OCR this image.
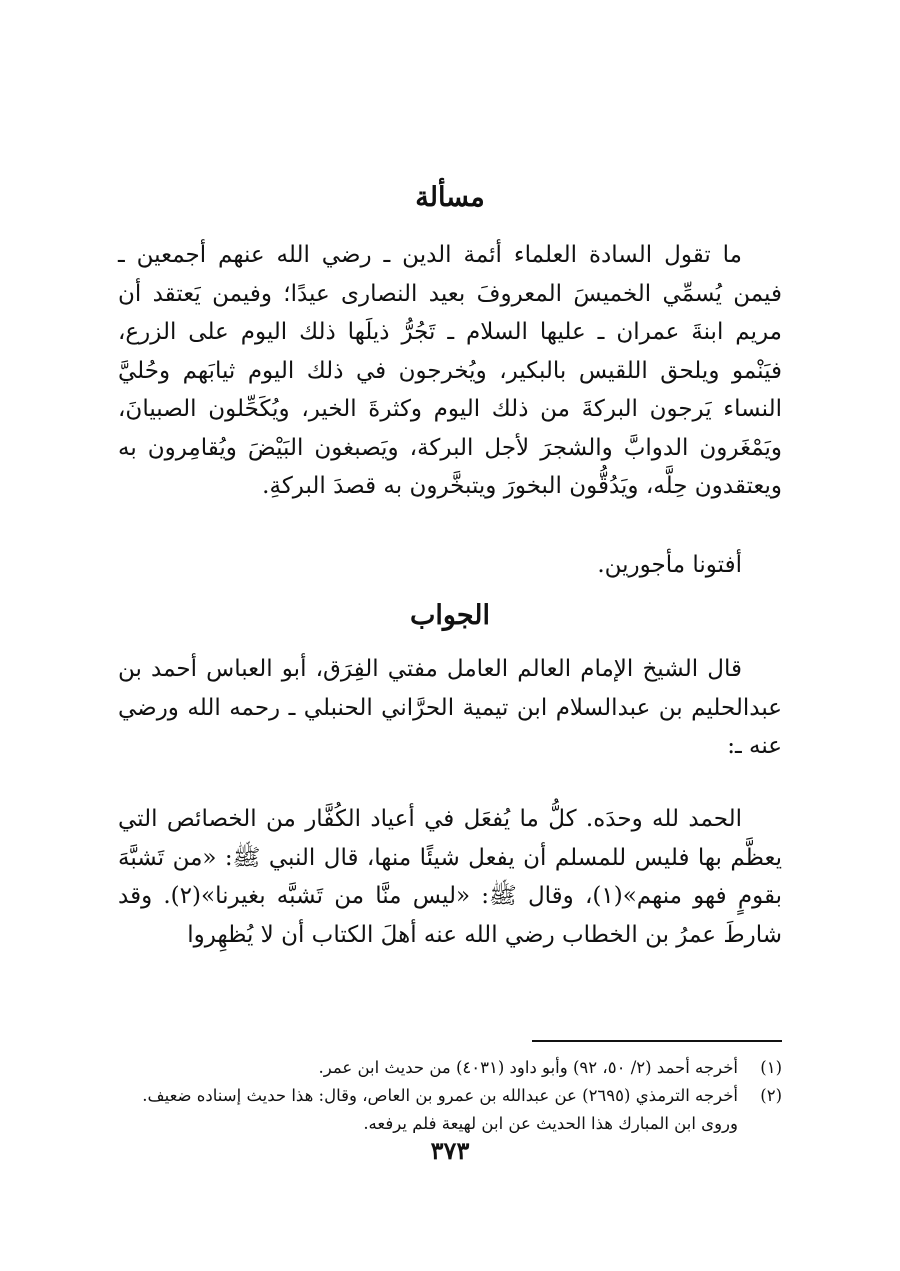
مسألة

ما تقول السادة العلماء أئمة الدين ـ رضي الله عنهم أجمعين ـ فيمن يُسمِّي الخميسَ المعروفَ بعيد النصارى عيدًا؛ وفيمن يَعتقد أن مريم ابنةَ عمران ـ عليها السلام ـ تَجُرُّ ذيلَها ذلك اليوم على الزرع، فيَنْمو ويلحق اللقيس بالبكير، ويُخرجون في ذلك اليوم ثيابَهم وحُليَّ النساء يَرجون البركةَ من ذلك اليوم وكثرةَ الخير، ويُكَحِّلون الصبيانَ، ويَمْغَرون الدوابَّ والشجرَ لأجل البركة، ويَصبغون البَيْضَ ويُقامِرون به ويعتقدون حِلَّه، ويَدُقُّون البخورَ ويتبخَّرون به قصدَ البركةِ.

أفتونا مأجورين.

الجواب

قال الشيخ الإمام العالم العامل مفتي الفِرَق، أبو العباس أحمد بن عبدالحليم بن عبدالسلام ابن تيمية الحرَّاني الحنبلي ـ رحمه الله ورضي عنه ـ:

الحمد لله وحدَه. كلُّ ما يُفعَل في أعياد الكُفَّار من الخصائص التي يعظَّم بها فليس للمسلم أن يفعل شيئًا منها، قال النبي ﷺ: «من تَشبَّهَ بقومٍ فهو منهم»(١)، وقال ﷺ: «ليس منَّا من تَشبَّه بغيرنا»(٢). وقد شارطَ عمرُ بن الخطاب رضي الله عنه أهلَ الكتاب أن لا يُظهِروا

(١)
أخرجه أحمد (٢/ ٥٠، ٩٢) وأبو داود (٤٠٣١) من حديث ابن عمر.
(٢)
أخرجه الترمذي (٢٦٩٥) عن عبدالله بن عمرو بن العاص، وقال: هذا حديث إسناده ضعيف. وروى ابن المبارك هذا الحديث عن ابن لهيعة فلم يرفعه.
٣٧٣
